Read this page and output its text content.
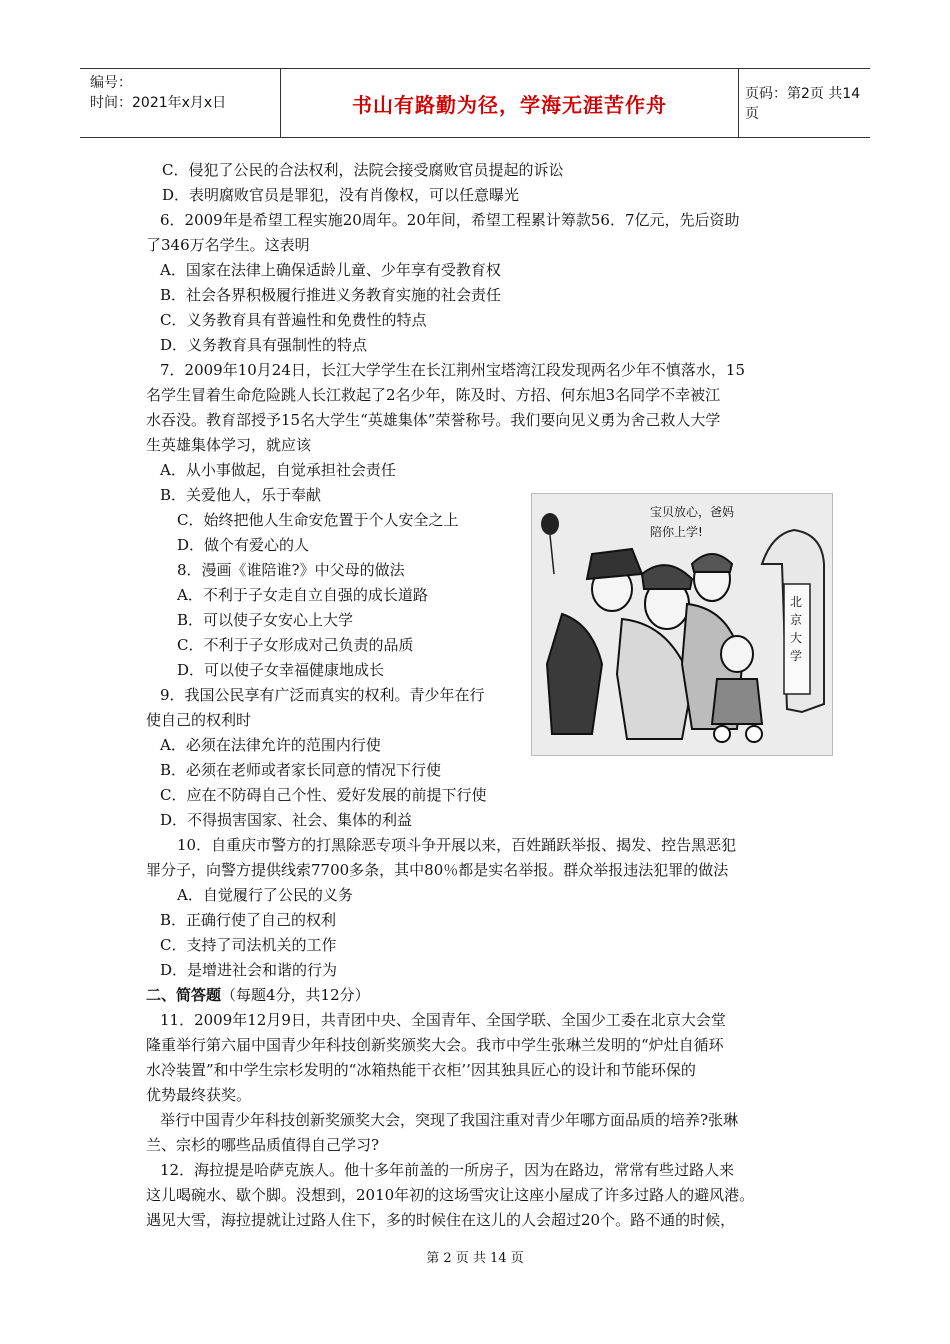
编号：
时间：2021年x月x日	书山有路勤为径，学海无涯苦作舟	页码：第2页 共14页
C．侵犯了公民的合法权利，法院会接受腐败官员提起的诉讼
D．表明腐败官员是罪犯，没有肖像权，可以任意曝光
6．2009年是希望工程实施20周年。20年间，希望工程累计筹款56．7亿元，先后资助
了346万名学生。这表明
A．国家在法律上确保适龄儿童、少年享有受教育权
B．社会各界积极履行推进义务教育实施的社会责任
C．义务教育具有普遍性和免费性的特点
D．义务教育具有强制性的特点
7．2009年10月24日，长江大学学生在长江荆州宝塔湾江段发现两名少年不慎落水，15
名学生冒着生命危险跳人长江救起了2名少年，陈及时、方招、何东旭3名同学不幸被江
水吞没。教育部授予15名大学生“英雄集体”荣誉称号。我们要向见义勇为舍己救人大学
生英雄集体学习，就应该
A．从小事做起，自觉承担社会责任
B．关爱他人，乐于奉献
C．始终把他人生命安危置于个人安全之上
D．做个有爱心的人
8．漫画《谁陪谁?》中父母的做法
A．不利于子女走自立自强的成长道路
B．可以使子女安心上大学
C．不利于子女形成对己负责的品质
D．可以使子女幸福健康地成长
9．我国公民享有广泛而真实的权利。青少年在行
使自己的权利时
A．必须在法律允许的范围内行使
B．必须在老师或者家长同意的情况下行使
C．应在不防碍自己个性、爱好发展的前提下行使
D．不得损害国家、社会、集体的利益
10．自重庆市警方的打黑除恶专项斗争开展以来，百姓踊跃举报、揭发、控告黑恶犯
罪分子，向警方提供线索7700多条，其中80％都是实名举报。群众举报违法犯罪的做法
A．自觉履行了公民的义务
B．正确行使了自己的权利
C．支持了司法机关的工作
D．是增进社会和谐的行为
二、简答题（每题4分，共12分）
11．2009年12月9日，共青团中央、全国青年、全国学联、全国少工委在北京大会堂
隆重举行第六届中国青少年科技创新奖颁奖大会。我市中学生张琳兰发明的“炉灶自循环
水冷装置”和中学生宗杉发明的“冰箱热能干衣柜’’因其独具匠心的设计和节能环保的
优势最终获奖。
举行中国青少年科技创新奖颁奖大会，突现了我国注重对青少年哪方面品质的培养?张琳
兰、宗杉的哪些品质值得自己学习?
12．海拉提是哈萨克族人。他十多年前盖的一所房子，因为在路边，常常有些过路人来
这儿喝碗水、歇个脚。没想到，2010年初的这场雪灾让这座小屋成了许多过路人的避风港。
遇见大雪，海拉提就让过路人住下，多的时候住在这儿的人会超过20个。路不通的时候，
宝贝放心，爸妈
陪你上学!
北
京
大
学
第 2 页 共 14 页
